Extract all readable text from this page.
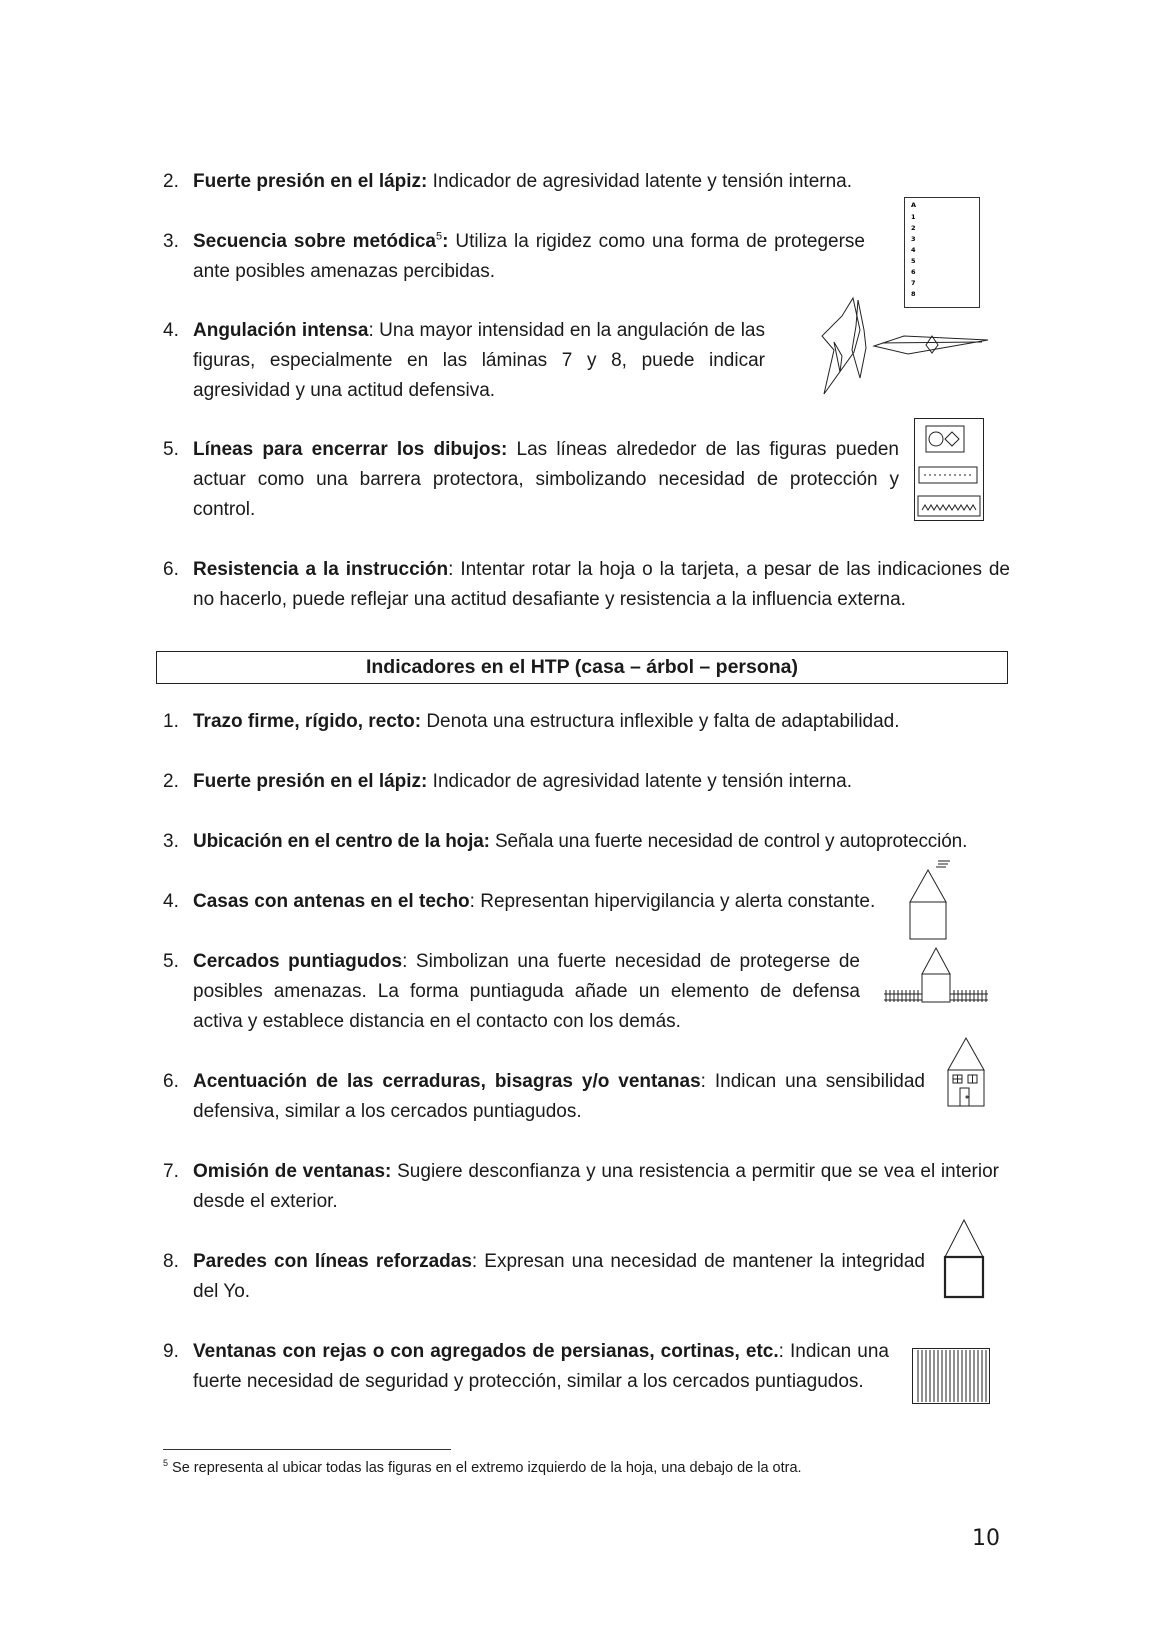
2. Fuerte presión en el lápiz: Indicador de agresividad latente y tensión interna.
3. Secuencia sobre metódica$^5$: Utiliza la rigidez como una forma de protegerse ante posibles amenazas percibidas.
4. Angulación intensa: Una mayor intensidad en la angulación de las figuras, especialmente en las láminas 7 y 8, puede indicar agresividad y una actitud defensiva.
5. Líneas para encerrar los dibujos: Las líneas alrededor de las figuras pueden actuar como una barrera protectora, simbolizando necesidad de protección y control.
6. Resistencia a la instrucción: Intentar rotar la hoja o la tarjeta, a pesar de las indicaciones de no hacerlo, puede reflejar una actitud desafiante y resistencia a la influencia externa.
A
1
2
3
4
5
6
7
8
Indicadores en el HTP (casa – árbol – persona)
1. Trazo firme, rígido, recto: Denota una estructura inflexible y falta de adaptabilidad.
2. Fuerte presión en el lápiz: Indicador de agresividad latente y tensión interna.
3. Ubicación en el centro de la hoja: Señala una fuerte necesidad de control y autoprotección.
4. Casas con antenas en el techo: Representan hipervigilancia y alerta constante.
5. Cercados puntiagudos: Simbolizan una fuerte necesidad de protegerse de posibles amenazas. La forma puntiaguda añade un elemento de defensa activa y establece distancia en el contacto con los demás.
6. Acentuación de las cerraduras, bisagras y/o ventanas: Indican una sensibilidad defensiva, similar a los cercados puntiagudos.
7. Omisión de ventanas: Sugiere desconfianza y una resistencia a permitir que se vea el interior desde el exterior.
8. Paredes con líneas reforzadas: Expresan una necesidad de mantener la integridad del Yo.
9. Ventanas con rejas o con agregados de persianas, cortinas, etc.: Indican una fuerte necesidad de seguridad y protección, similar a los cercados puntiagudos.
$^5$ Se representa al ubicar todas las figuras en el extremo izquierdo de la hoja, una debajo de la otra.
10
